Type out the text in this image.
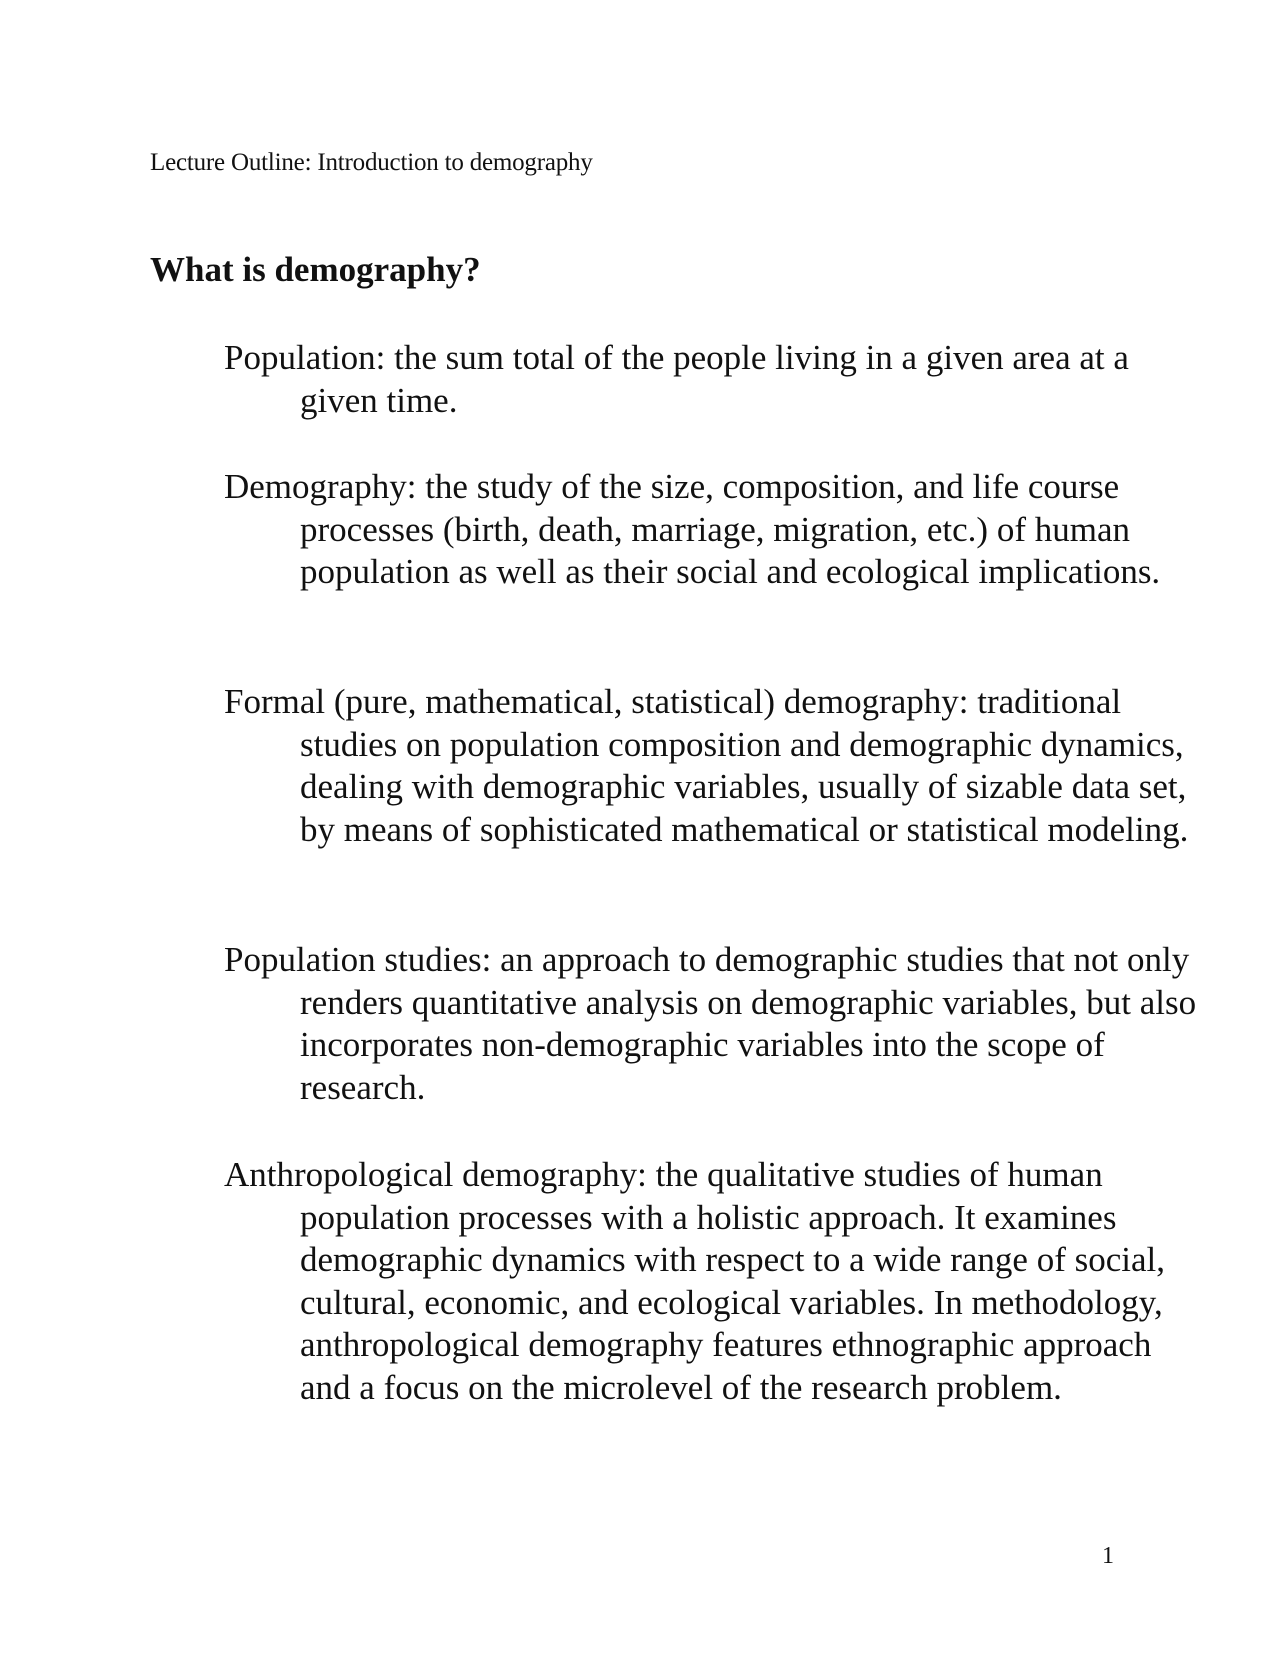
Lecture Outline: Introduction to demography
What is demography?

Population: the sum total of the people living in a given area at a given time.

Demography: the study of the size, composition, and life course processes (birth, death, marriage, migration, etc.) of human population as well as their social and ecological implications.

Formal (pure, mathematical, statistical) demography: traditional studies on population composition and demographic dynamics, dealing with demographic variables, usually of sizable data set, by means of sophisticated mathematical or statistical modeling.

Population studies: an approach to demographic studies that not only renders quantitative analysis on demographic variables, but also incorporates non-demographic variables into the scope of research.

Anthropological demography: the qualitative studies of human population processes with a holistic approach. It examines demographic dynamics with respect to a wide range of social, cultural, economic, and ecological variables. In methodology, anthropological demography features ethnographic approach and a focus on the microlevel of the research problem.

1
